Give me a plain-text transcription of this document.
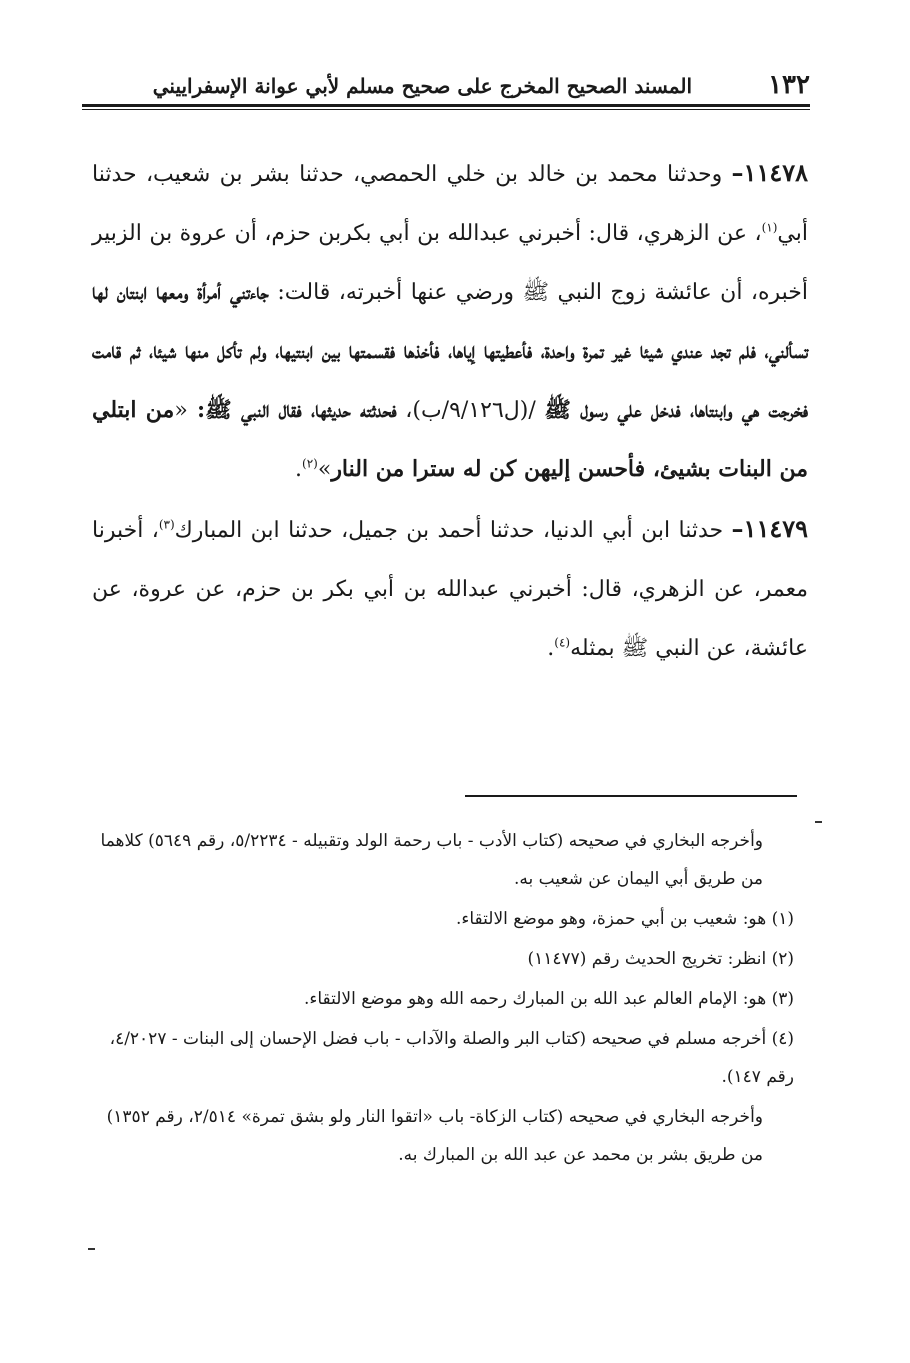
١٣٢
المسند الصحيح المخرج على صحيح مسلم لأبي عوانة الإسفراييني

١١٤٧٨– وحدثنا محمد بن خالد بن خلي الحمصي، حدثنا بشر بن شعيب، حدثنا أبي$^{(١)}$، عن الزهري، قال: أخبرني عبدالله بن أبي بكربن حزم، أن عروة بن الزبير أخبره، أن عائشة زوج النبي ﷺ ورضي عنها أخبرته، قالت: جاءتني أمرأة ومعها ابنتان لها تسألني، فلم تجد عندي شيئا غير تمرة واحدة، فأعطيتها إياها، فأخذها فقسمتها بين ابنتيها، ولم تأكل منها شيئا، ثم قامت فخرجت هي وابنتاها، فدخل علي رسول ﷺ /(ل٩/١٢٦/ب)، فحدثته حديثها، فقال النبي ﷺ: «من ابتلي من البنات بشيئ، فأحسن إليهن كن له سترا من النار»$^{(٢)}$.

١١٤٧٩– حدثنا ابن أبي الدنيا، حدثنا أحمد بن جميل، حدثنا ابن المبارك$^{(٣)}$، أخبرنا معمر، عن الزهري، قال: أخبرني عبدالله بن أبي بكر بن حزم، عن عروة، عن عائشة، عن النبي ﷺ بمثله$^{(٤)}$.

وأخرجه البخاري في صحيحه (كتاب الأدب - باب رحمة الولد وتقبيله - ٥/٢٢٣٤، رقم ٥٦٤٩) كلاهما من طريق أبي اليمان عن شعيب به.

(١) هو: شعيب بن أبي حمزة، وهو موضع الالتقاء.

(٢) انظر: تخريج الحديث رقم (١١٤٧٧)

(٣) هو: الإمام العالم عبد الله بن المبارك رحمه الله وهو موضع الالتقاء.

(٤) أخرجه مسلم في صحيحه (كتاب البر والصلة والآداب - باب فضل الإحسان إلى البنات - ٤/٢٠٢٧، رقم ١٤٧).

وأخرجه البخاري في صحيحه (كتاب الزكاة- باب «اتقوا النار ولو بشق تمرة» ٢/٥١٤، رقم ١٣٥٢) من طريق بشر بن محمد عن عبد الله بن المبارك به.
